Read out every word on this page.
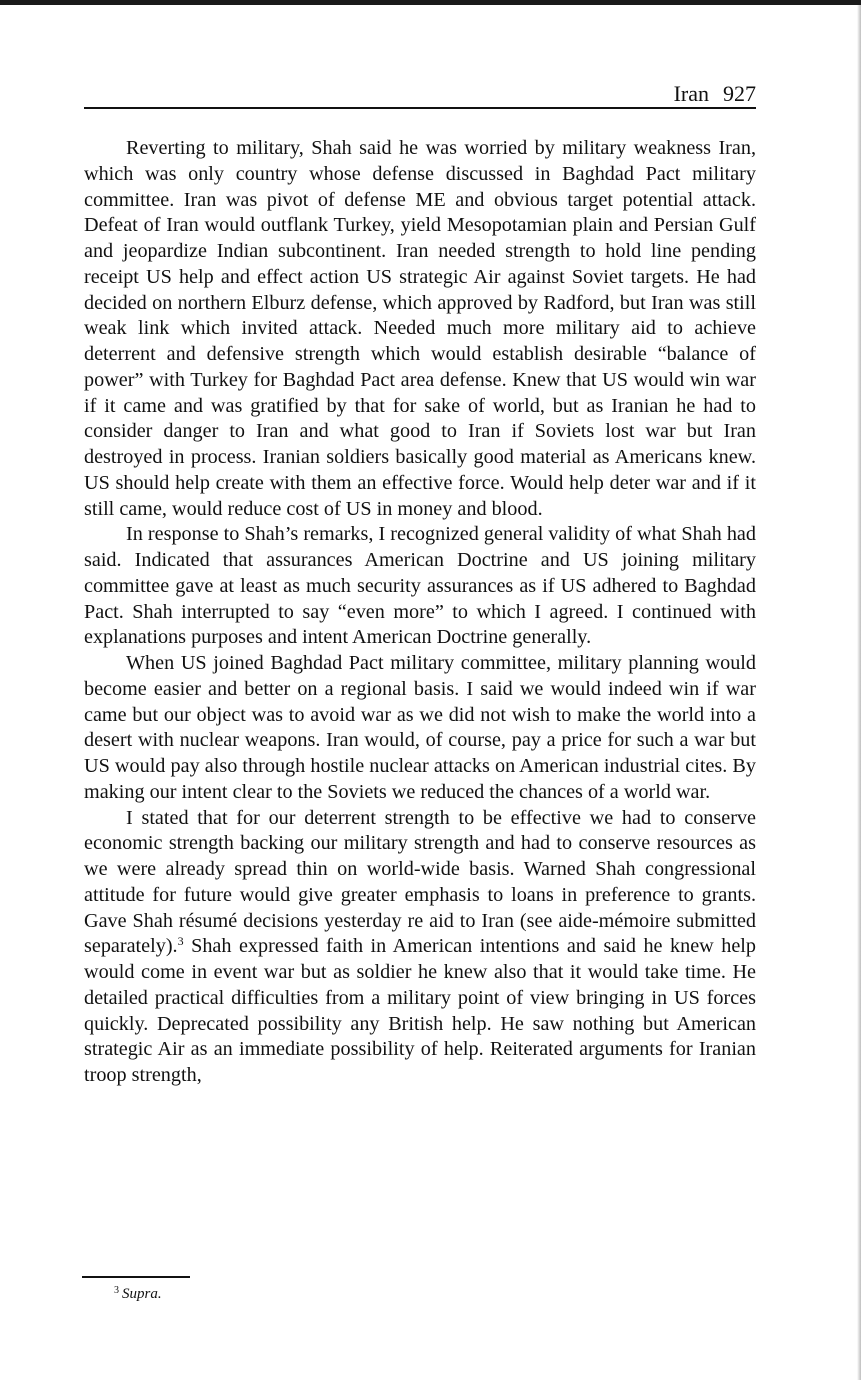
Iran 927

Reverting to military, Shah said he was worried by military weakness Iran, which was only country whose defense discussed in Baghdad Pact military committee. Iran was pivot of defense ME and obvious target potential attack. Defeat of Iran would outflank Turkey, yield Mesopotamian plain and Persian Gulf and jeopardize Indian subcontinent. Iran needed strength to hold line pending receipt US help and effect action US strategic Air against Soviet targets. He had decided on northern Elburz defense, which approved by Radford, but Iran was still weak link which invited attack. Needed much more military aid to achieve deterrent and defensive strength which would establish desirable “balance of power” with Turkey for Baghdad Pact area defense. Knew that US would win war if it came and was gratified by that for sake of world, but as Iranian he had to consider danger to Iran and what good to Iran if Soviets lost war but Iran destroyed in process. Iranian soldiers basically good material as Americans knew. US should help create with them an effective force. Would help deter war and if it still came, would reduce cost of US in money and blood.

In response to Shah’s remarks, I recognized general validity of what Shah had said. Indicated that assurances American Doctrine and US joining military committee gave at least as much security assurances as if US adhered to Baghdad Pact. Shah interrupted to say “even more” to which I agreed. I continued with explanations purposes and intent American Doctrine generally.

When US joined Baghdad Pact military committee, military planning would become easier and better on a regional basis. I said we would indeed win if war came but our object was to avoid war as we did not wish to make the world into a desert with nuclear weapons. Iran would, of course, pay a price for such a war but US would pay also through hostile nuclear attacks on American industrial cites. By making our intent clear to the Soviets we reduced the chances of a world war.

I stated that for our deterrent strength to be effective we had to conserve economic strength backing our military strength and had to conserve resources as we were already spread thin on world-wide basis. Warned Shah congressional attitude for future would give greater emphasis to loans in preference to grants. Gave Shah résumé decisions yesterday re aid to Iran (see aide-mémoire submitted separately).$^3$ Shah expressed faith in American intentions and said he knew help would come in event war but as soldier he knew also that it would take time. He detailed practical difficulties from a military point of view bringing in US forces quickly. Deprecated possibility any British help. He saw nothing but American strategic Air as an immediate possibility of help. Reiterated arguments for Iranian troop strength,

$^3$ Supra.
